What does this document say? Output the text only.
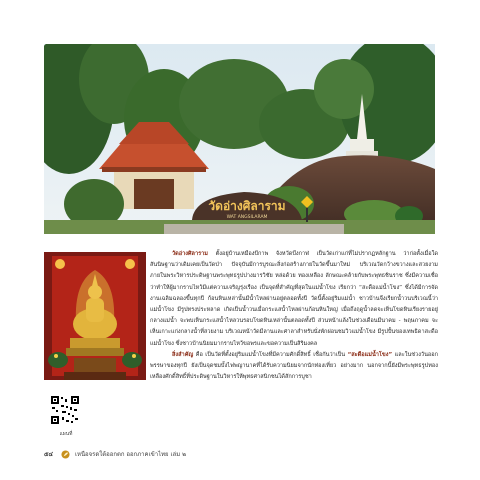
วัดอ่างศิลาราม
WAT ANGSILARAM
แผนที่

วัดอ่างศิลาราม ตั้งอยู่บ้านเหมืองบีกาพ จังหวัดบึงกาฬ เป็นวัดเก่าแก่ที่ไม่ปรากฏหลักฐาน ว่าก่อตั้งเมื่อใด สันนิษฐานว่าเดิมเคยเป็นวัดป่า ปัจจุบันมีการบูรณะสิ่งก่อสร้างภายในวัดขึ้นมาใหม่ บริเวณวัดกว้างขวางและสวยงาม ภายในพระวิหารประดิษฐานพระพุทธรูปปางมารวิชัย หล่อด้วย ทองเหลือง ลักษณะคล้ายกับพระพุทธชินราช ซึ่งมีความเชื่อว่าทำให้ผู้มากราบไหว้มีแต่ความเจริญรุ่งเรือง เป็นจุดที่สำคัญที่สุดในแม่น้ำโขง เรียกว่า “สะดือแม่น้ำโขง” ซึ่งได้มีการจัดงานเฉลิมฉลองขึ้นทุกปี ก้อนหินเหล่านั้นมีน้ำไหลผ่านอยู่ตลอดทั้งปี วัดนี้ตั้งอยู่ริมแม่น้ำ ชาวบ้านจึงเรียกน้ำวนบริเวณนี้ว่าแม่น้ำโขง มีรูปทรงประหลาด เกิดเป็นน้ำวนเมื่อกระแสน้ำไหลผ่านก้อนหินใหญ่ เมื่อถึงฤดูน้ำลดจะเห็นโขดหินเรียงรายอยู่กลางแม่น้ำ จะพบเห็นกระแสน้ำไหลวนรอบโขดหินเหล่านั้นตลอดทั้งปี ส่วนหน้าแล้งในช่วงเดือนมีนาคม - พฤษภาคม จะเห็นเกาะแก่งกลางน้ำที่สวยงาม บริเวณหน้าวัดมีลานและศาลาสำหรับนั่งพักผ่อนชมวิวแม่น้ำโขง มีรูปปั้นของเทพธิดาสะดือแม่น้ำโขง ซึ่งชาวบ้านนิยมมากราบไหว้ขอพรและขอความเป็นสิริมงคล

สิ่งสำคัญ คือ เป็นวัดที่ตั้งอยู่ริมแม่น้ำโขงที่มีความศักดิ์สิทธิ์ เชื่อกันว่าเป็น “สะดือแม่น้ำโขง” และในช่วงวันออกพรรษาของทุกปี ยังเป็นจุดชมบั้งไฟพญานาคที่ได้รับความนิยมจากนักท่องเที่ยว อย่างมาก นอกจากนี้ยังมีพระพุทธรูปทองเหลืองศักดิ์สิทธิ์ที่ประดิษฐานในวิหารให้พุทธศาสนิกชนได้สักการบูชา

๕๔	เหนือจรดใต้ออกตก ออกภาคเข้าไทย เล่ม ๒
